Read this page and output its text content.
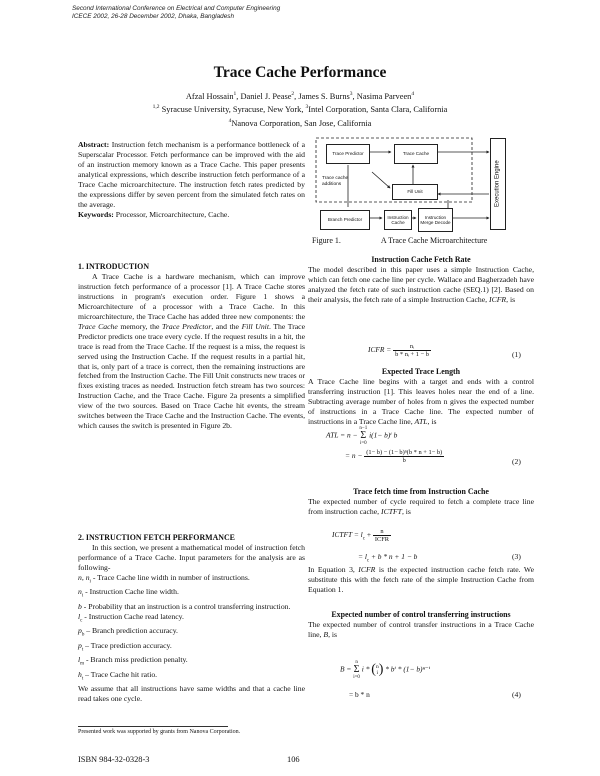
Second International Conference on Electrical and Computer Engineering
ICECE 2002, 26-28 December 2002, Dhaka, Bangladesh
Trace Cache Performance
Afzal Hossain$^1$, Daniel J. Pease$^2$, James S. Burns$^3$, Nasima Parveen$^4$
$^{1,2}$ Syracuse University, Syracuse, New York, $^3$Intel Corporation, Santa Clara, California
$^4$Nanova Corporation, San Jose, California

Abstract: Instruction fetch mechanism is a performance bottleneck of a Superscalar Processor. Fetch performance can be improved with the aid of an instruction memory known as a Trace Cache. This paper presents analytical expressions, which describe instruction fetch performance of a Trace Cache microarchitecture. The instruction fetch rates predicted by the expressions differ by seven percent from the simulated fetch rates on the average.

Keywords: Processor, Microarchitecture, Cache.

1. INTRODUCTION

A Trace Cache is a hardware mechanism, which can improve instruction fetch performance of a processor [1]. A Trace Cache stores instructions in program's execution order. Figure 1 shows a Microarchitecture of a processor with a Trace Cache. In this microarchitecture, the Trace Cache has added three new components: the Trace Cache memory, the Trace Predictor, and the Fill Unit. The Trace Predictor predicts one trace every cycle. If the request results in a hit, the trace is read from the Trace Cache. If the request is a miss, the request is served using the Instruction Cache. If the request results in a partial hit, that is, only part of a trace is correct, then the remaining instructions are fetched from the Instruction Cache. The Fill Unit constructs new traces or fixes existing traces as needed. Instruction fetch stream has two sources: Instruction Cache, and the Trace Cache. Figure 2a presents a simplified view of the two sources. Based on Trace Cache hit events, the stream switches between the Trace Cache and the Instruction Cache. The events, which causes the switch is presented in Figure 2b.

2. INSTRUCTION FETCH PERFORMANCE

In this section, we present a mathematical model of instruction fetch performance of a Trace Cache. Input parameters for the analysis are as following-

n, $n_i$ - Trace Cache line width in number of instructions.
$n_i$ - Instruction Cache line width.
b - Probability that an instruction is a control transferring instruction.
$l_c$ - Instruction Cache read latency.
$p_b$ – Branch prediction accuracy.
$p_t$ – Trace prediction accuracy.
$l_m$ - Branch miss prediction penalty.
$h_t$ – Trace Cache hit ratio.

We assume that all instructions have same widths and that a cache line read takes one cycle.

Presented work was supported by grants from Nanova Corporation.
ISBN 984-32-0328-3	106
Trace Predictor	Trace Cache
Fill Unit
Trace cache additions
Branch Predictor
Instruction Cache
Instruction Merge Decode
Execution Engine
Figure 1.	A Trace Cache Microarchitecture
Instruction Cache Fetch Rate

The model described in this paper uses a simple Instruction Cache, which can fetch one cache line per cycle. Wallace and Bagherzadeh have analyzed the fetch rate of such instruction cache (SEQ.1) [2]. Based on their analysis, the fetch rate of a simple Instruction Cache, ICFR, is

ICFR = $\frac{\text{nᵢ}}{\text{b * nᵢ + 1 − b}}$	(1)
Expected Trace Length

A Trace Cache line begins with a target and ends with a control transferring instruction [1]. This leaves holes near the end of a line. Subtracting average number of holes from n gives the expected number of instructions in a Trace Cache line. The expected number of instructions in a Trace Cache line, ATL, is

ATL = n −
n−1
Σ
i=0
i(1− b)ⁱ b
= $n - \frac{\text{(1− b) − (1− b)ⁿ(b * n + 1− b)}}{b}$	(2)
Trace fetch time from Instruction Cache

The expected number of cycle required to fetch a complete trace line from instruction cache, ICTFT, is

ICTFT = $l_c + \frac{n}{\text{ICFR}}$
= $l_c + b * n + 1 - b$	(3)

In Equation 3, ICFR is the expected instruction cache fetch rate. We substitute this with the fetch rate of the simple Instruction Cache from Equation 1.

Expected number of control transferring instructions

The expected number of control transfer instructions in a Trace Cache line, B, is

B =
n
Σ
i=0
i * ( n
i ) * bⁱ * (1− b)ⁿ⁻ⁱ
= b * n	(4)
